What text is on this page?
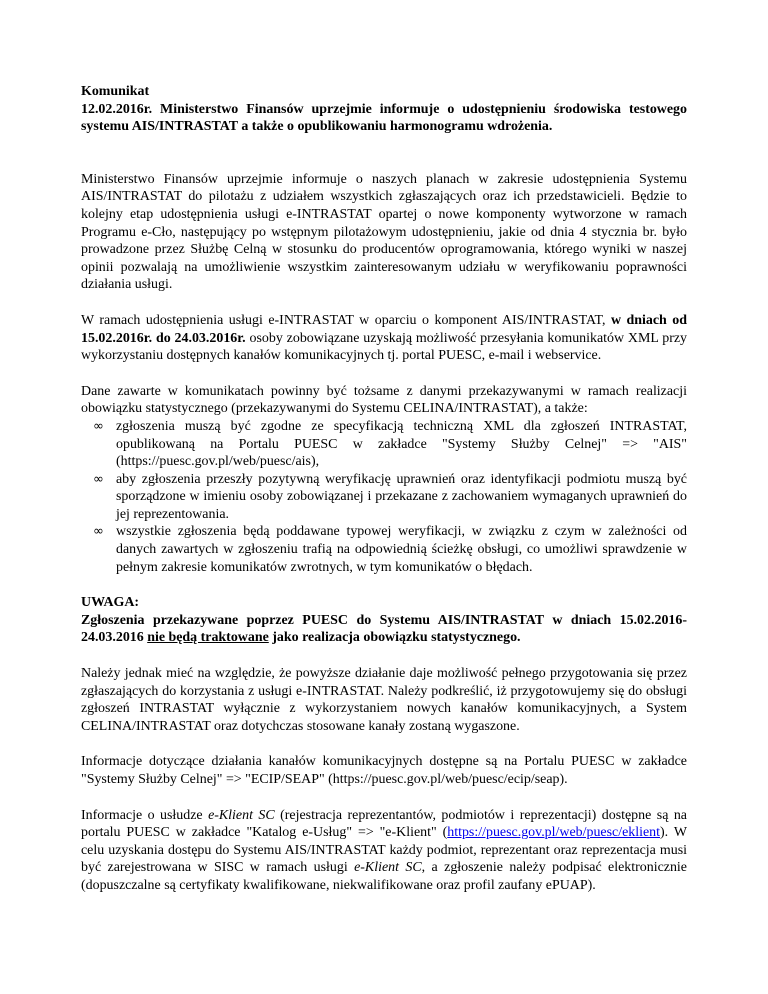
Komunikat

12.02.2016r. Ministerstwo Finansów uprzejmie informuje o udostępnieniu środowiska testowego systemu AIS/INTRASTAT a także o opublikowaniu harmonogramu wdrożenia.

Ministerstwo Finansów uprzejmie informuje o naszych planach w zakresie udostępnienia Systemu AIS/INTRASTAT do pilotażu z udziałem wszystkich zgłaszających oraz ich przedstawicieli. Będzie to kolejny etap udostępnienia usługi e-INTRASTAT opartej o nowe komponenty wytworzone w ramach Programu e-Cło, następujący po wstępnym pilotażowym udostępnieniu, jakie od dnia 4 stycznia br. było prowadzone przez Służbę Celną w stosunku do producentów oprogramowania, którego wyniki w naszej opinii pozwalają na umożliwienie wszystkim zainteresowanym udziału w weryfikowaniu poprawności działania usługi.

W ramach udostępnienia usługi e-INTRASTAT w oparciu o komponent AIS/INTRASTAT, w dniach od 15.02.2016r. do 24.03.2016r. osoby zobowiązane uzyskają możliwość przesyłania komunikatów XML przy wykorzystaniu dostępnych kanałów komunikacyjnych tj. portal PUESC, e-mail i webservice.

Dane zawarte w komunikatach powinny być tożsame z danymi przekazywanymi w ramach realizacji obowiązku statystycznego (przekazywanymi do Systemu CELINA/INTRASTAT), a także:

∞ zgłoszenia muszą być zgodne ze specyfikacją techniczną XML dla zgłoszeń INTRASTAT, opublikowaną na Portalu PUESC w zakładce "Systemy Służby Celnej" => "AIS" (https://puesc.gov.pl/web/puesc/ais),
∞ aby zgłoszenia przeszły pozytywną weryfikację uprawnień oraz identyfikacji podmiotu muszą być sporządzone w imieniu osoby zobowiązanej i przekazane z zachowaniem wymaganych uprawnień do jej reprezentowania.
∞ wszystkie zgłoszenia będą poddawane typowej weryfikacji, w związku z czym w zależności od danych zawartych w zgłoszeniu trafią na odpowiednią ścieżkę obsługi, co umożliwi sprawdzenie w pełnym zakresie komunikatów zwrotnych, w tym komunikatów o błędach.

UWAGA:

Zgłoszenia przekazywane poprzez PUESC do Systemu AIS/INTRASTAT w dniach 15.02.2016-24.03.2016 nie będą traktowane jako realizacja obowiązku statystycznego.

Należy jednak mieć na względzie, że powyższe działanie daje możliwość pełnego przygotowania się przez zgłaszających do korzystania z usługi e-INTRASTAT. Należy podkreślić, iż przygotowujemy się do obsługi zgłoszeń INTRASTAT wyłącznie z wykorzystaniem nowych kanałów komunikacyjnych, a System CELINA/INTRASTAT oraz dotychczas stosowane kanały zostaną wygaszone.

Informacje dotyczące działania kanałów komunikacyjnych dostępne są na Portalu PUESC w zakładce "Systemy Służby Celnej" => "ECIP/SEAP" (https://puesc.gov.pl/web/puesc/ecip/seap).

Informacje o usłudze e-Klient SC (rejestracja reprezentantów, podmiotów i reprezentacji) dostępne są na portalu PUESC w zakładce "Katalog e-Usług" => "e-Klient" (https://puesc.gov.pl/web/puesc/eklient). W celu uzyskania dostępu do Systemu AIS/INTRASTAT każdy podmiot, reprezentant oraz reprezentacja musi być zarejestrowana w SISC w ramach usługi e-Klient SC, a zgłoszenie należy podpisać elektronicznie (dopuszczalne są certyfikaty kwalifikowane, niekwalifikowane oraz profil zaufany ePUAP).
